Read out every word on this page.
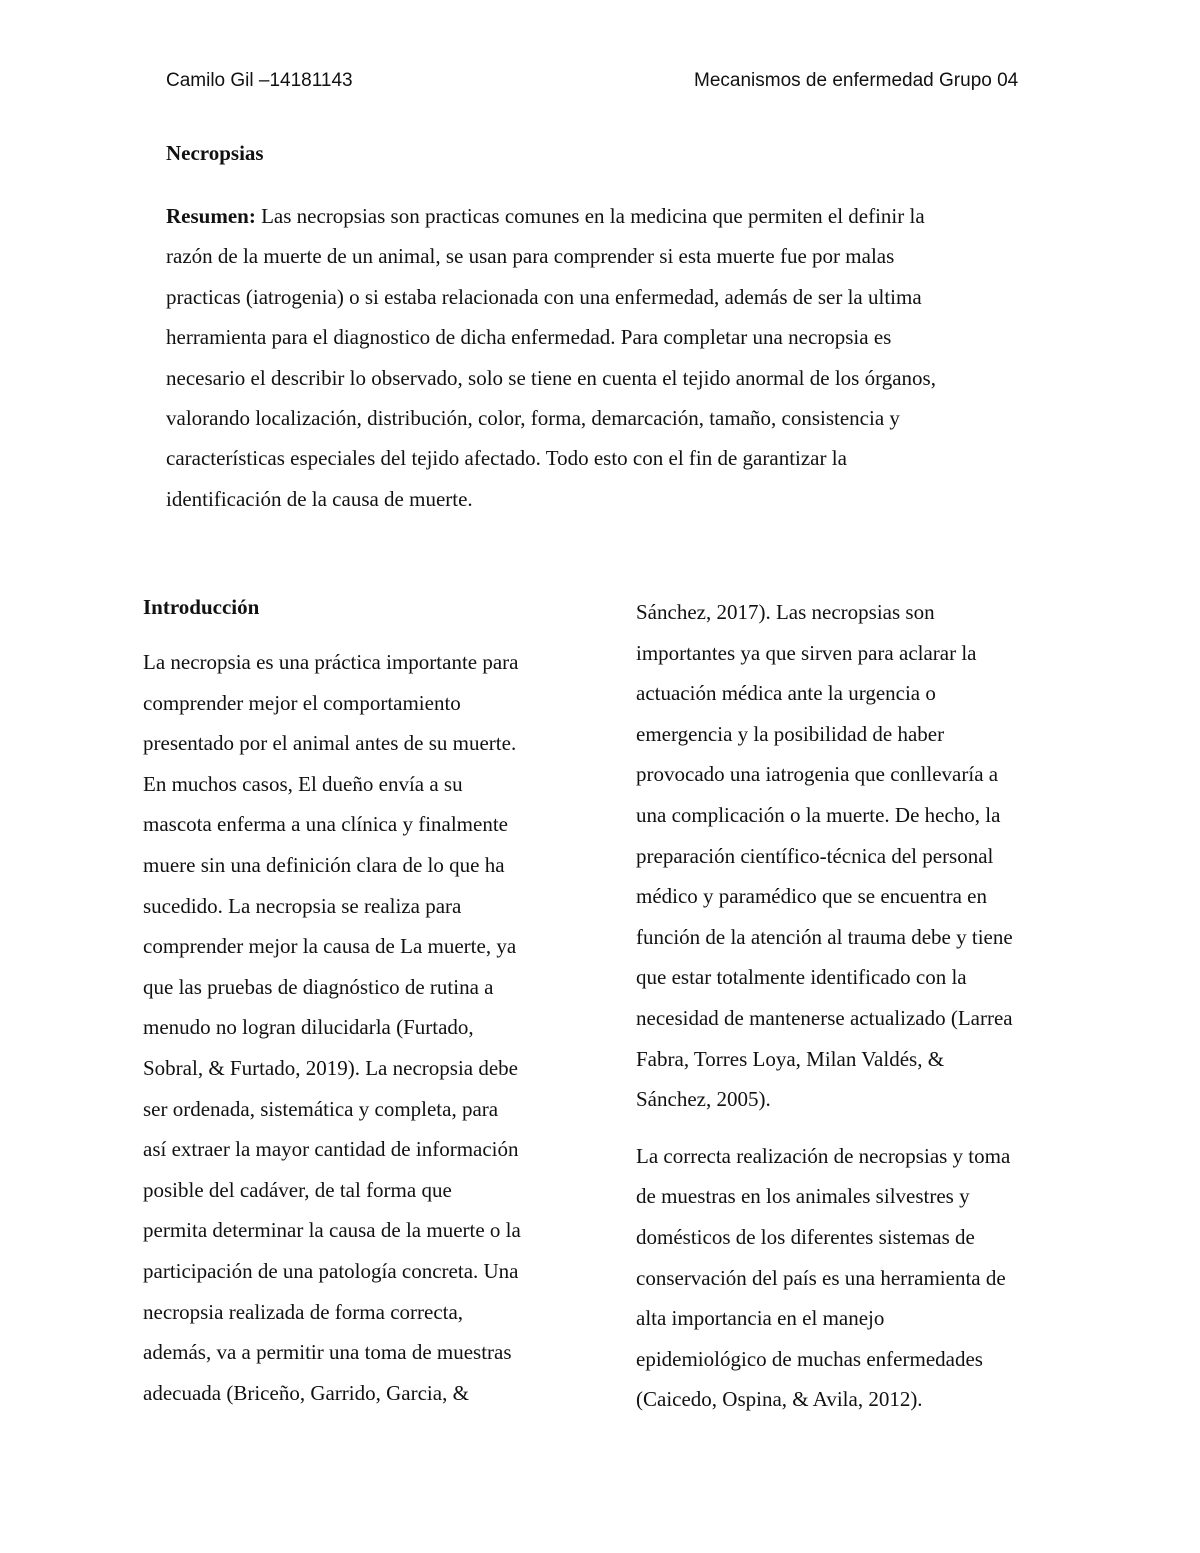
Camilo Gil –14181143	Mecanismos de enfermedad Grupo 04
Necropsias
Resumen: Las necropsias son practicas comunes en la medicina que permiten el definir la
razón de la muerte de un animal, se usan para comprender si esta muerte fue por malas
practicas (iatrogenia) o si estaba relacionada con una enfermedad, además de ser la ultima
herramienta para el diagnostico de dicha enfermedad. Para completar una necropsia es
necesario el describir lo observado, solo se tiene en cuenta el tejido anormal de los órganos,
valorando localización, distribución, color, forma, demarcación, tamaño, consistencia y
características especiales del tejido afectado. Todo esto con el fin de garantizar la
identificación de la causa de muerte.
Introducción
La necropsia es una práctica importante para
comprender mejor el comportamiento
presentado por el animal antes de su muerte.
En muchos casos, El dueño envía a su
mascota enferma a una clínica y finalmente
muere sin una definición clara de lo que ha
sucedido. La necropsia se realiza para
comprender mejor la causa de La muerte, ya
que las pruebas de diagnóstico de rutina a
menudo no logran dilucidarla (Furtado,
Sobral, & Furtado, 2019). La necropsia debe
ser ordenada, sistemática y completa, para
así extraer la mayor cantidad de información
posible del cadáver, de tal forma que
permita determinar la causa de la muerte o la
participación de una patología concreta. Una
necropsia realizada de forma correcta,
además, va a permitir una toma de muestras
adecuada (Briceño, Garrido, Garcia, &
Sánchez, 2017). Las necropsias son
importantes ya que sirven para aclarar la
actuación médica ante la urgencia o
emergencia y la posibilidad de haber
provocado una iatrogenia que conllevaría a
una complicación o la muerte. De hecho, la
preparación científico-técnica del personal
médico y paramédico que se encuentra en
función de la atención al trauma debe y tiene
que estar totalmente identificado con la
necesidad de mantenerse actualizado (Larrea
Fabra, Torres Loya, Milan Valdés, &
Sánchez, 2005).
La correcta realización de necropsias y toma
de muestras en los animales silvestres y
domésticos de los diferentes sistemas de
conservación del país es una herramienta de
alta importancia en el manejo
epidemiológico de muchas enfermedades
(Caicedo, Ospina, & Avila, 2012).
